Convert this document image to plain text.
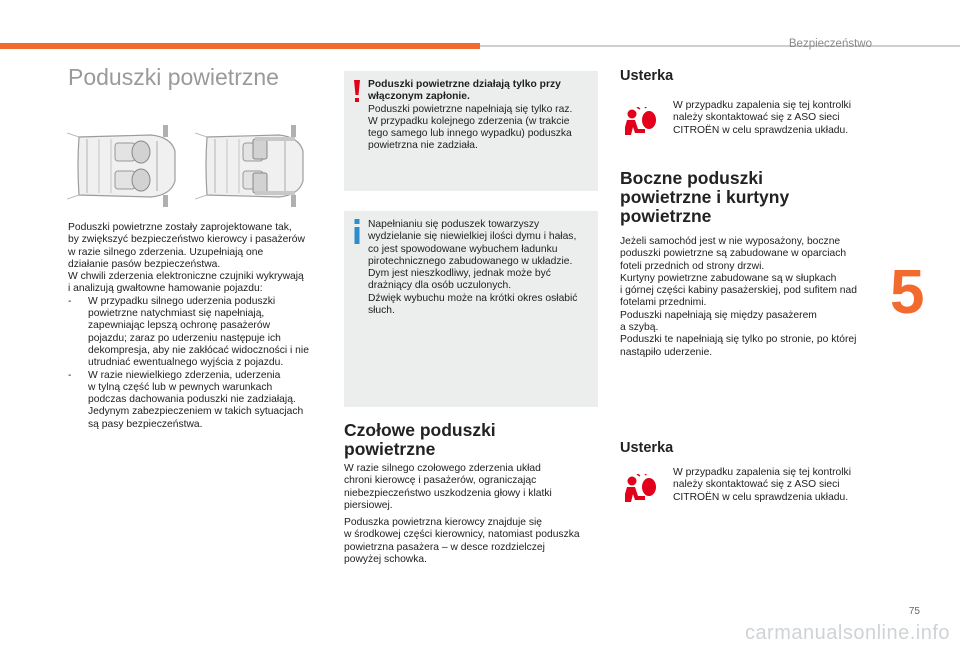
Bezpieczeństwo
5
Poduszki powietrzne
Poduszki powietrzne zostały zaprojektowane tak,
by zwiększyć bezpieczeństwo kierowcy i pasażerów
w razie silnego zderzenia. Uzupełniają one
działanie pasów bezpieczeństwa.
W chwili zderzenia elektroniczne czujniki wykrywają
i analizują gwałtowne hamowanie pojazdu:
- W przypadku silnego uderzenia poduszki
powietrzne natychmiast się napełniają,
zapewniając lepszą ochronę pasażerów
pojazdu; zaraz po uderzeniu następuje ich
dekompresja, aby nie zakłócać widoczności i nie
utrudniać ewentualnego wyjścia z pojazdu.
- W razie niewielkiego zderzenia, uderzenia
w tylną część lub w pewnych warunkach
podczas dachowania poduszki nie zadziałają.
Jedynym zabezpieczeniem w takich sytuacjach
są pasy bezpieczeństwa.
Poduszki powietrzne działają tylko przy
włączonym zapłonie.
Poduszki powietrzne napełniają się tylko raz.
W przypadku kolejnego zderzenia (w trakcie
tego samego lub innego wypadku) poduszka
powietrzna nie zadziała.
Napełnianiu się poduszek towarzyszy
wydzielanie się niewielkiej ilości dymu i hałas,
co jest spowodowane wybuchem ładunku
pirotechnicznego zabudowanego w układzie.
Dym jest nieszkodliwy, jednak może być
drażniący dla osób uczulonych.
Dźwięk wybuchu może na krótki okres osłabić
słuch.
Czołowe poduszki
powietrzne
W razie silnego czołowego zderzenia układ
chroni kierowcę i pasażerów, ograniczając
niebezpieczeństwo uszkodzenia głowy i klatki
piersiowej.
Poduszka powietrzna kierowcy znajduje się
w środkowej części kierownicy, natomiast poduszka
powietrzna pasażera – w desce rozdzielczej
powyżej schowka.
Usterka
W przypadku zapalenia się tej kontrolki
należy skontaktować się z ASO sieci
CITROËN w celu sprawdzenia układu.
Boczne poduszki
powietrzne i kurtyny
powietrzne
Jeżeli samochód jest w nie wyposażony, boczne
poduszki powietrzne są zabudowane w oparciach
foteli przednich od strony drzwi.
Kurtyny powietrzne zabudowane są w słupkach
i górnej części kabiny pasażerskiej, pod sufitem nad
fotelami przednimi.
Poduszki napełniają się między pasażerem
a szybą.
Poduszki te napełniają się tylko po stronie, po której
nastąpiło uderzenie.
Usterka
W przypadku zapalenia się tej kontrolki
należy skontaktować się z ASO sieci
CITROËN w celu sprawdzenia układu.
75
carmanualsonline.info
